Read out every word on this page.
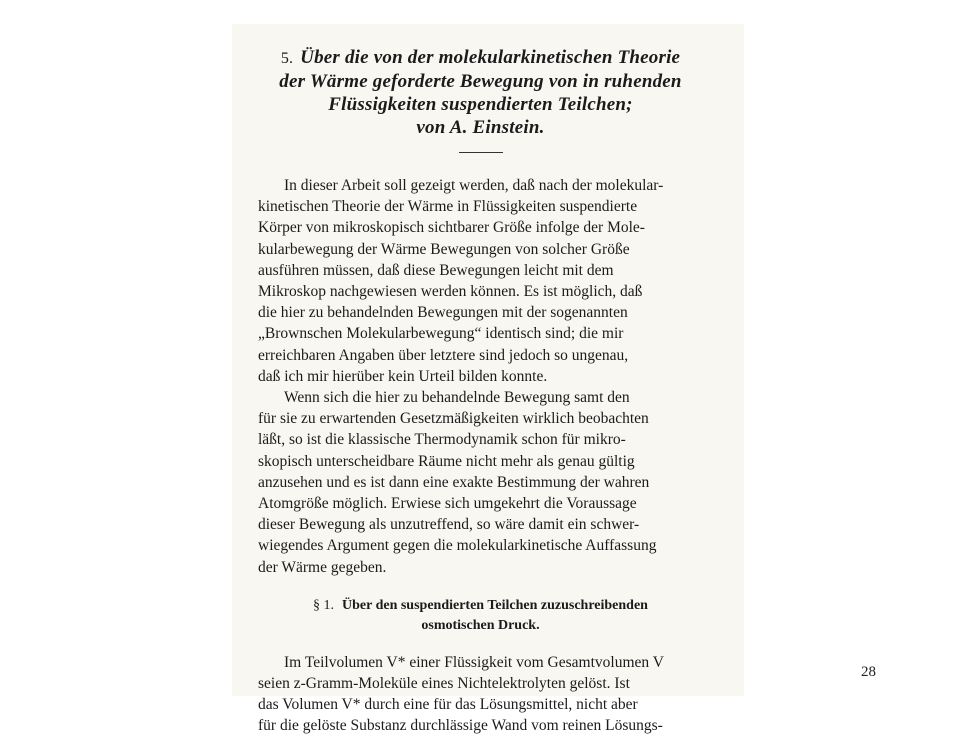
5. Über die von der molekularkinetischen Theorie
der Wärme geforderte Bewegung von in ruhenden
Flüssigkeiten suspendierten Teilchen;
von A. Einstein.

In dieser Arbeit soll gezeigt werden, daß nach der molekular-
kinetischen Theorie der Wärme in Flüssigkeiten suspendierte
Körper von mikroskopisch sichtbarer Größe infolge der Mole-
kularbewegung der Wärme Bewegungen von solcher Größe
ausführen müssen, daß diese Bewegungen leicht mit dem
Mikroskop nachgewiesen werden können. Es ist möglich, daß
die hier zu behandelnden Bewegungen mit der sogenannten
„Brownschen Molekularbewegung“ identisch sind; die mir
erreichbaren Angaben über letztere sind jedoch so ungenau,
daß ich mir hierüber kein Urteil bilden konnte.

Wenn sich die hier zu behandelnde Bewegung samt den
für sie zu erwartenden Gesetzmäßigkeiten wirklich beobachten
läßt, so ist die klassische Thermodynamik schon für mikro-
skopisch unterscheidbare Räume nicht mehr als genau gültig
anzusehen und es ist dann eine exakte Bestimmung der wahren
Atomgröße möglich. Erwiese sich umgekehrt die Voraussage
dieser Bewegung als unzutreffend, so wäre damit ein schwer-
wiegendes Argument gegen die molekularkinetische Auffassung
der Wärme gegeben.

§ 1. Über den suspendierten Teilchen zuzuschreibenden
osmotischen Druck.

Im Teilvolumen V* einer Flüssigkeit vom Gesamtvolumen V
seien z-Gramm-Moleküle eines Nichtelektrolyten gelöst. Ist
das Volumen V* durch eine für das Lösungsmittel, nicht aber
für die gelöste Substanz durchlässige Wand vom reinen Lösungs-

28
